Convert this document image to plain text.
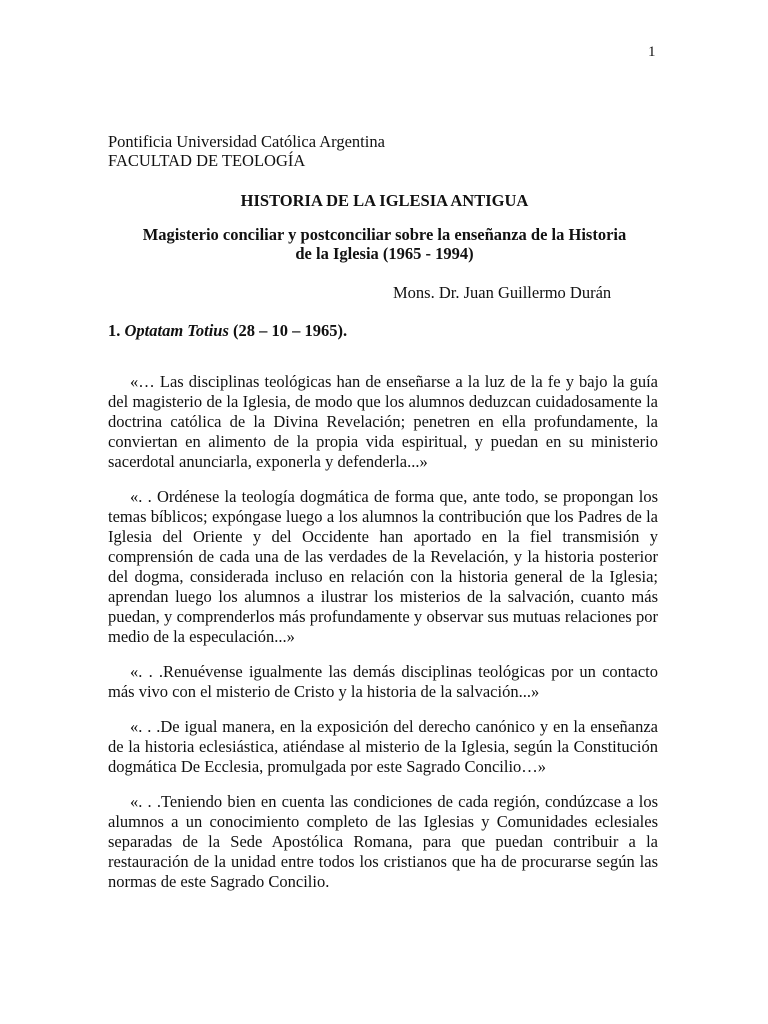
1
Pontificia Universidad Católica Argentina
FACULTAD DE TEOLOGÍA
HISTORIA DE LA IGLESIA ANTIGUA
Magisterio conciliar y postconciliar sobre la enseñanza de la Historia
de la Iglesia (1965 - 1994)
Mons. Dr. Juan Guillermo Durán
1. Optatam Totius (28 – 10 – 1965).

«… Las disciplinas teológicas han de enseñarse a la luz de la fe y bajo la guía del magisterio de la Iglesia, de modo que los alumnos deduzcan cuidadosamente la doctrina católica de la Divina Revelación; penetren en ella profundamente, la conviertan en alimento de la propia vida espiritual, y puedan en su ministerio sacerdotal anunciarla, exponerla y defenderla...»

«. . Ordénese la teología dogmática de forma que, ante todo, se propongan los temas bíblicos; expóngase luego a los alumnos la contribución que los Padres de la Iglesia del Oriente y del Occidente han aportado en la fiel transmisión y comprensión de cada una de las verdades de la Revelación, y la historia posterior del dogma, considerada incluso en relación con la historia general de la Iglesia; aprendan luego los alumnos a ilustrar los misterios de la salvación, cuanto más puedan, y comprenderlos más profundamente y observar sus mutuas relaciones por medio de la especulación...»

«. . .Renuévense igualmente las demás disciplinas teológicas por un contacto más vivo con el misterio de Cristo y la historia de la salvación...»

«. . .De igual manera, en la exposición del derecho canónico y en la enseñanza de la historia eclesiástica, atiéndase al misterio de la Iglesia, según la Constitución dogmática De Ecclesia, promulgada por este Sagrado Concilio…»

«. . .Teniendo bien en cuenta las condiciones de cada región, condúzcase a los alumnos a un conocimiento completo de las Iglesias y Comunidades eclesiales separadas de la Sede Apostólica Romana, para que puedan contribuir a la restauración de la unidad entre todos los cristianos que ha de procurarse según las normas de este Sagrado Concilio.
